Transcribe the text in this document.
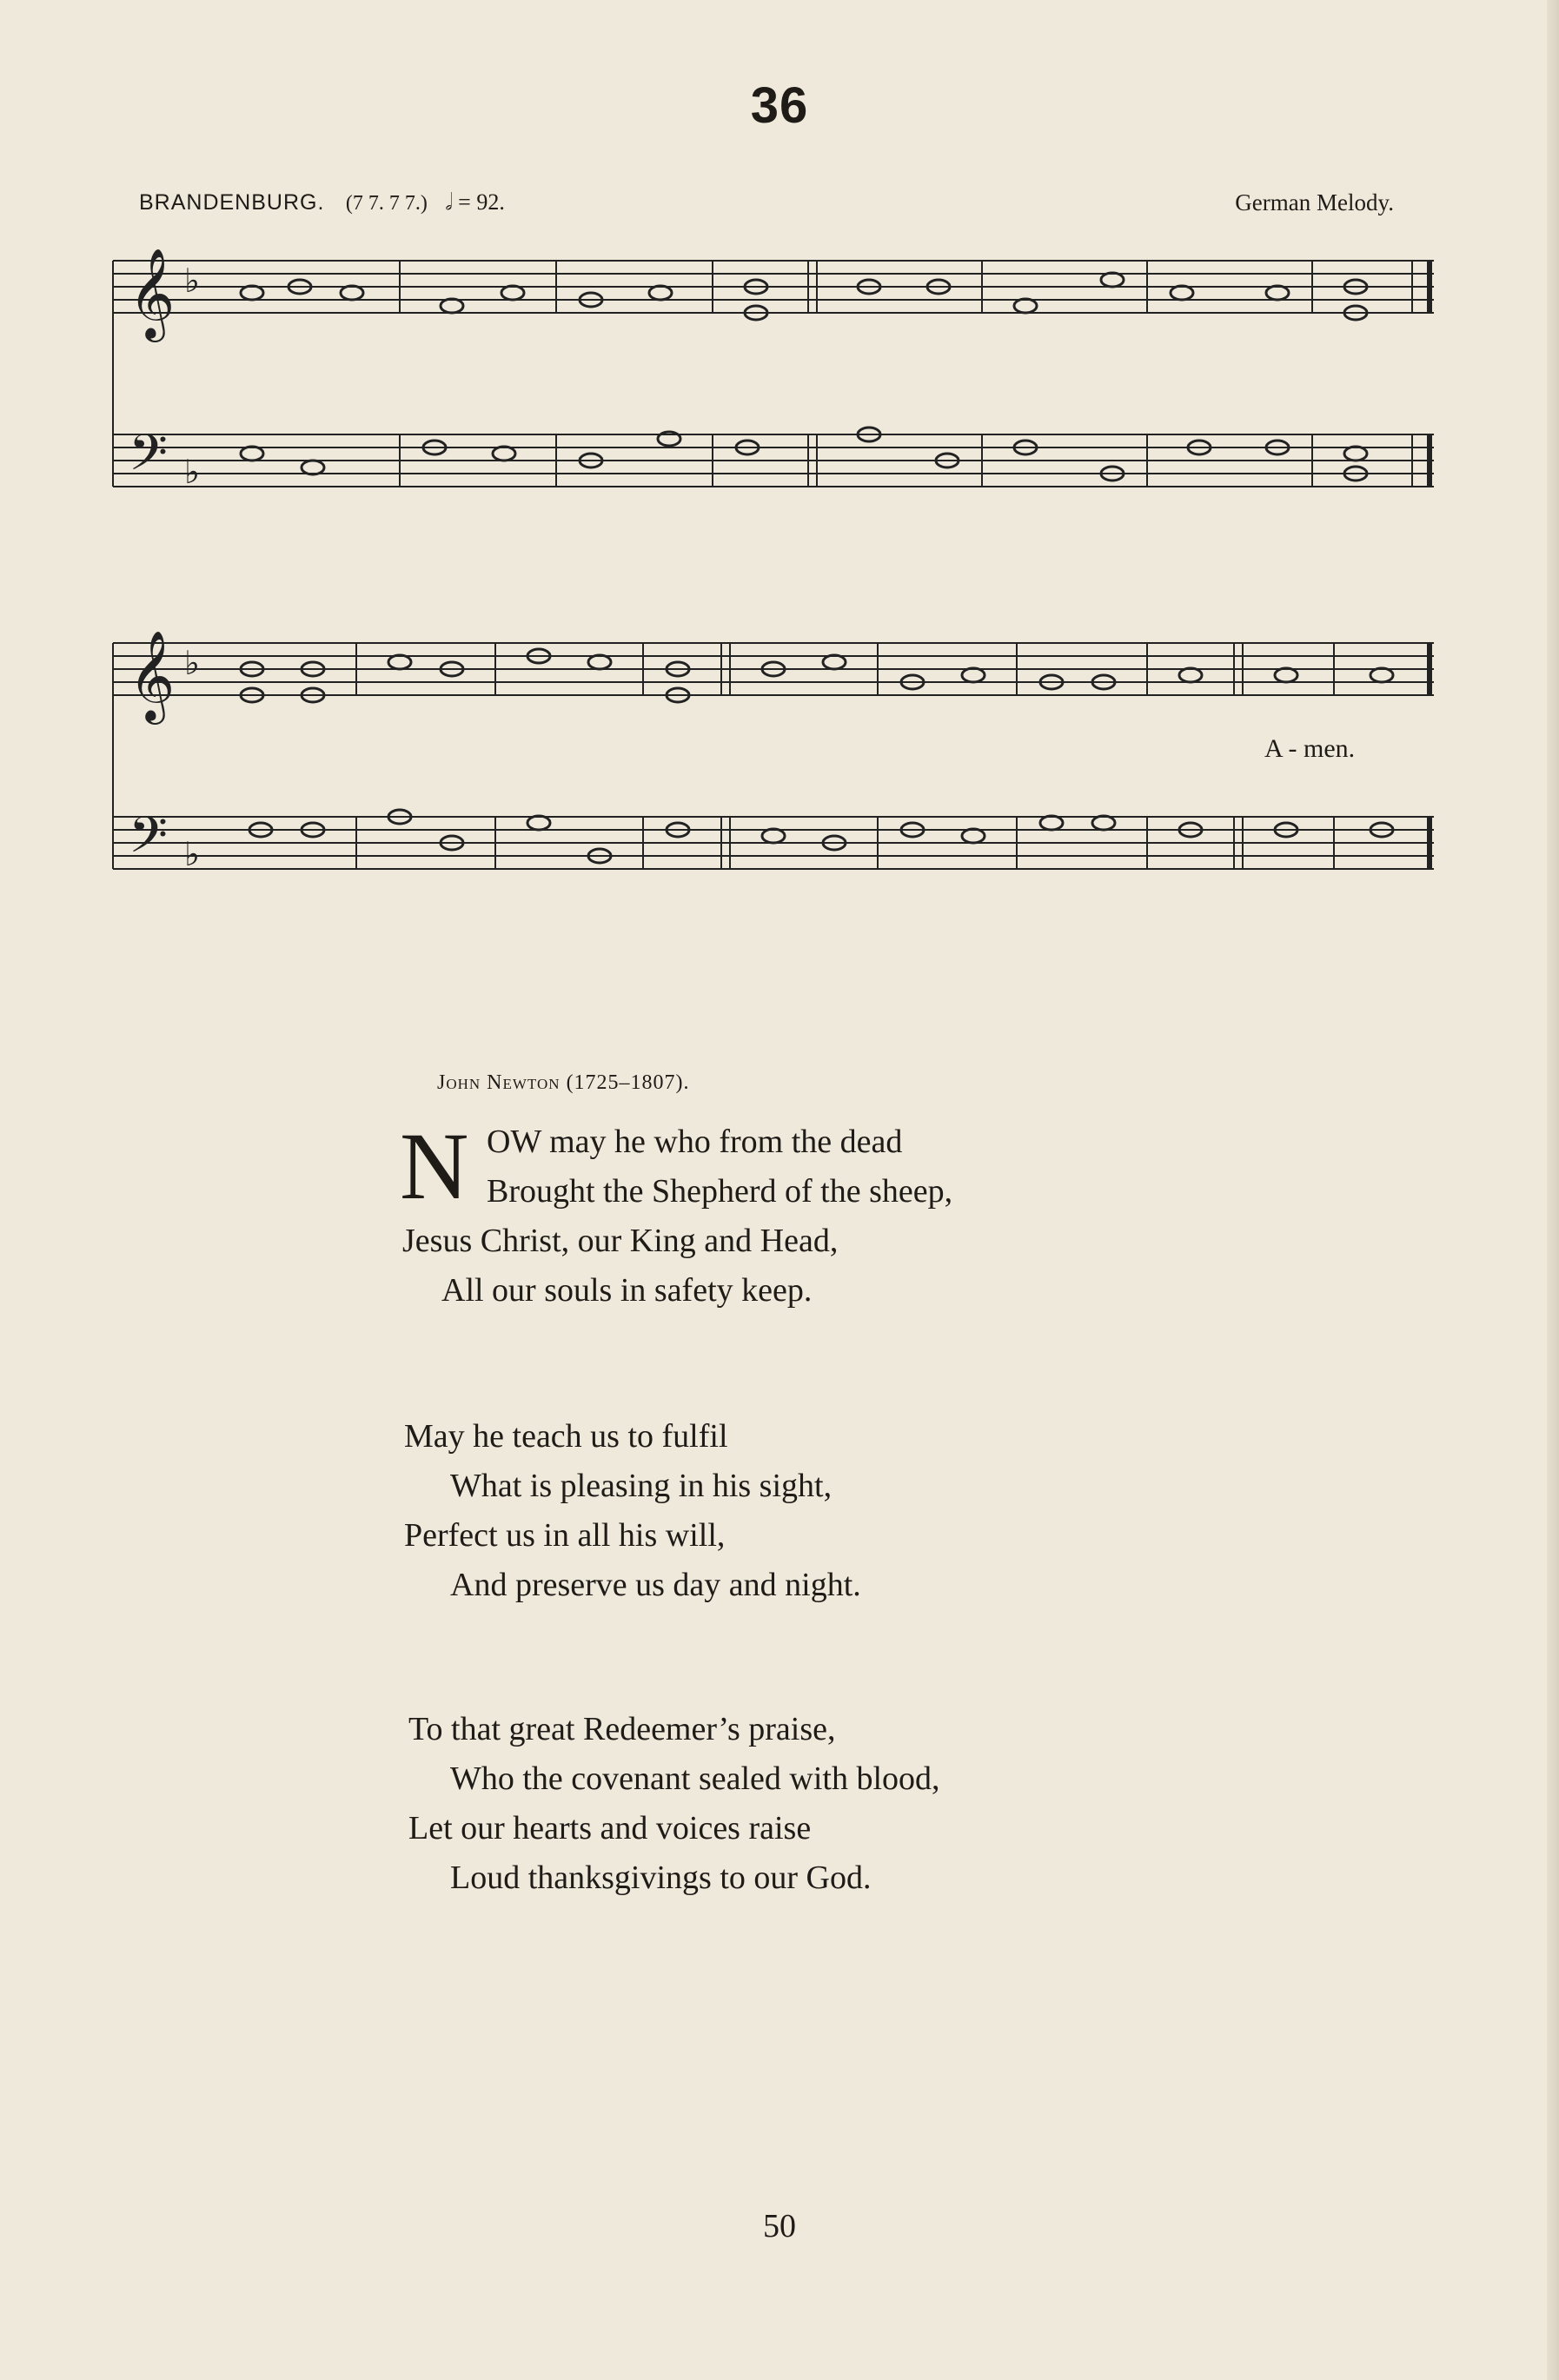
36
BRANDENBURG. (7 7. 7 7.) 𝅗𝅥 = 92.	German Melody.
𝄞
𝄢
♭
♭
𝄞
𝄢
♭
♭
A - men.
John Newton (1725–1807).
N OW may he who from the dead
Brought the Shepherd of the sheep,
Jesus Christ, our King and Head,
All our souls in safety keep.
May he teach us to fulfil
What is pleasing in his sight,
Perfect us in all his will,
And preserve us day and night.
To that great Redeemer’s praise,
Who the covenant sealed with blood,
Let our hearts and voices raise
Loud thanksgivings to our God.
50
